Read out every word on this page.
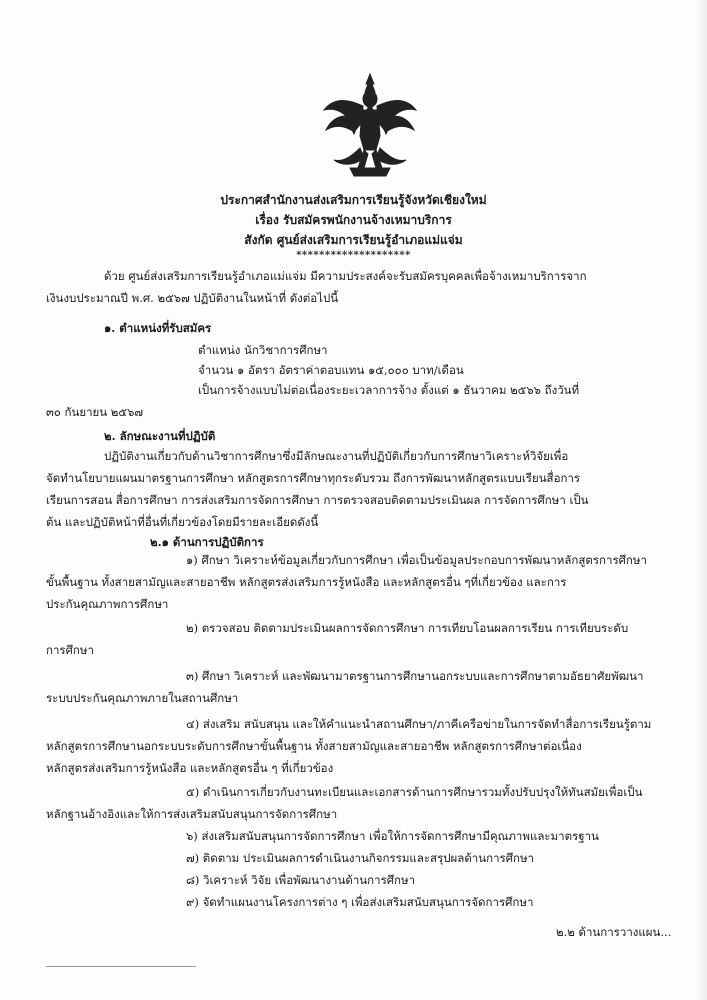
ประกาศสำนักงานส่งเสริมการเรียนรู้จังหวัดเชียงใหม่
เรื่อง รับสมัครพนักงานจ้างเหมาบริการ
สังกัด ศูนย์ส่งเสริมการเรียนรู้อำเภอแม่แจ่ม
********************
ด้วย ศูนย์ส่งเสริมการเรียนรู้อำเภอแม่แจ่ม มีความประสงค์จะรับสมัครบุคคลเพื่อจ้างเหมาบริการจาก
เงินงบประมาณปี พ.ศ. ๒๕๖๗ ปฏิบัติงานในหน้าที่ ดังต่อไปนี้
๑. ตำแหน่งที่รับสมัคร
ตำแหน่ง นักวิชาการศึกษา
จำนวน ๑ อัตรา อัตราค่าตอบแทน ๑๕,๐๐๐ บาท/เดือน
เป็นการจ้างแบบไม่ต่อเนื่องระยะเวลาการจ้าง ตั้งแต่ ๑ ธันวาคม ๒๕๖๖ ถึงวันที่
๓๐ กันยายน ๒๕๖๗
๒. ลักษณะงานที่ปฏิบัติ
ปฏิบัติงานเกี่ยวกับด้านวิชาการศึกษาซึ่งมีลักษณะงานที่ปฏิบัติเกี่ยวกับการศึกษาวิเคราะห์วิจัยเพื่อ
จัดทำนโยบายแผนมาตรฐานการศึกษา หลักสูตรการศึกษาทุกระดับรวม ถึงการพัฒนาหลักสูตรแบบเรียนสื่อการ
เรียนการสอน สื่อการศึกษา การส่งเสริมการจัดการศึกษา การตรวจสอบติดตามประเมินผล การจัดการศึกษา เป็น
ต้น และปฏิบัติหน้าที่อื่นที่เกี่ยวข้องโดยมีรายละเอียดดังนี้
๒.๑ ด้านการปฏิบัติการ
๑) ศึกษา วิเคราะห์ข้อมูลเกี่ยวกับการศึกษา เพื่อเป็นข้อมูลประกอบการพัฒนาหลักสูตรการศึกษา
ขั้นพื้นฐาน ทั้งสายสามัญและสายอาชีพ หลักสูตรส่งเสริมการรู้หนังสือ และหลักสูตรอื่น ๆที่เกี่ยวข้อง และการ
ประกันคุณภาพการศึกษา
๒) ตรวจสอบ ติดตามประเมินผลการจัดการศึกษา การเทียบโอนผลการเรียน การเทียบระดับ
การศึกษา
๓) ศึกษา วิเคราะห์ และพัฒนามาตรฐานการศึกษานอกระบบและการศึกษาตามอัธยาศัยพัฒนา
ระบบประกันคุณภาพภายในสถานศึกษา
๔) ส่งเสริม สนับสนุน และให้คำแนะนำสถานศึกษา/ภาคีเครือข่ายในการจัดทำสื่อการเรียนรู้ตาม
หลักสูตรการศึกษานอกระบบระดับการศึกษาขั้นพื้นฐาน ทั้งสายสามัญและสายอาชีพ หลักสูตรการศึกษาต่อเนื่อง
หลักสูตรส่งเสริมการรู้หนังสือ และหลักสูตรอื่น ๆ ที่เกี่ยวข้อง
๕) ดำเนินการเกี่ยวกับงานทะเบียนและเอกสารด้านการศึกษารวมทั้งปรับปรุงให้ทันสมัยเพื่อเป็น
หลักฐานอ้างอิงและให้การส่งเสริมสนับสนุนการจัดการศึกษา
๖) ส่งเสริมสนับสนุนการจัดการศึกษา เพื่อให้การจัดการศึกษามีคุณภาพและมาตรฐาน
๗) ติดตาม ประเมินผลการดำเนินงานกิจกรรมและสรุปผลด้านการศึกษา
๘) วิเคราะห์ วิจัย เพื่อพัฒนางานด้านการศึกษา
๙) จัดทำแผนงานโครงการต่าง ๆ เพื่อส่งเสริมสนับสนุนการจัดการศึกษา
๒.๒ ด้านการวางแผน...
